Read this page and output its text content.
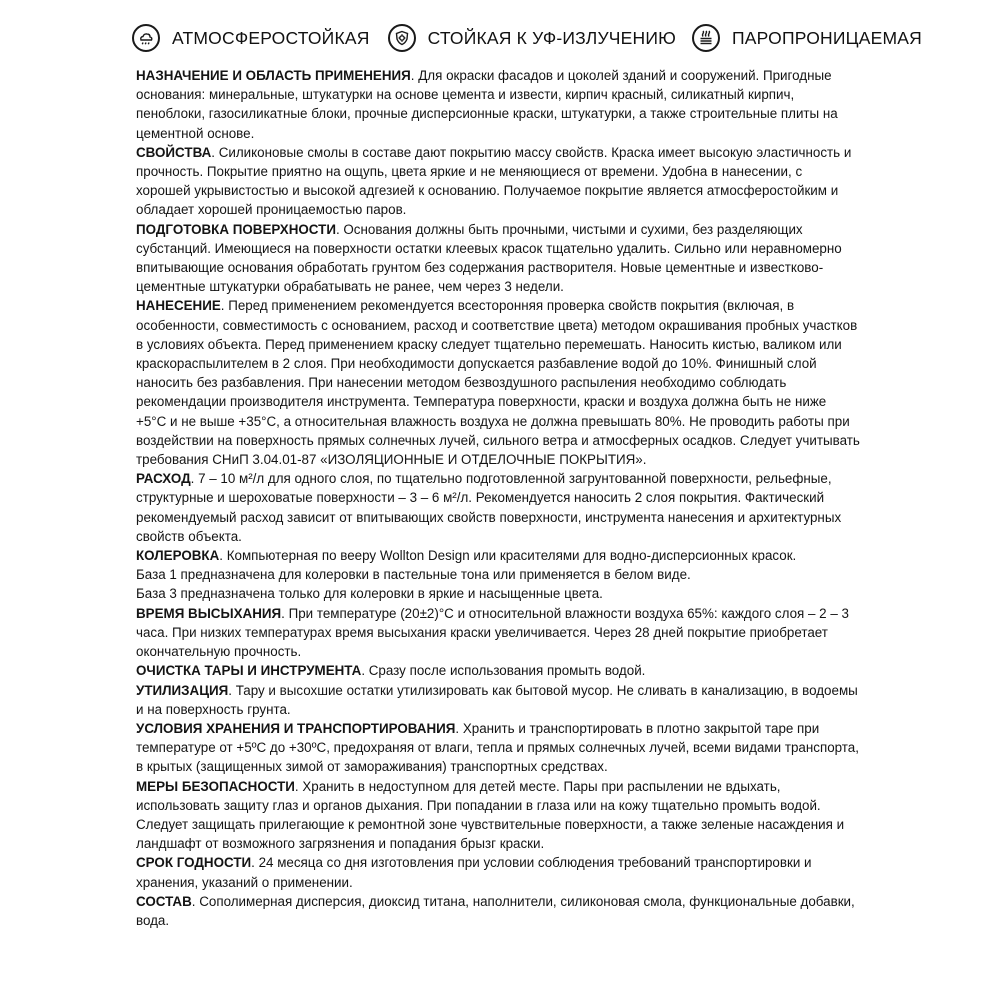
АТМОСФЕРОСТОЙКАЯ	СТОЙКАЯ К УФ-ИЗЛУЧЕНИЮ	ПАРОПРОНИЦАЕМАЯ

НАЗНАЧЕНИЕ И ОБЛАСТЬ ПРИМЕНЕНИЯ. Для окраски фасадов и цоколей зданий и сооружений. Пригодные основания: минеральные, штукатурки на основе цемента и извести, кирпич красный, силикатный кирпич, пеноблоки, газосиликатные блоки, прочные дисперсионные краски, штукатурки, а также строительные плиты на цементной основе.

СВОЙСТВА. Силиконовые смолы в составе дают покрытию массу свойств. Краска имеет высокую эластичность и прочность. Покрытие приятно на ощупь, цвета яркие и не меняющиеся от времени. Удобна в нанесении, с хорошей укрывистостью и высокой адгезией к основанию. Получаемое покрытие является атмосферостойким и обладает хорошей проницаемостью паров.

ПОДГОТОВКА ПОВЕРХНОСТИ. Основания должны быть прочными, чистыми и сухими, без разделяющих субстанций. Имеющиеся на поверхности остатки клеевых красок тщательно удалить. Сильно или неравномерно впитывающие основания обработать грунтом без содержания растворителя. Новые цементные и известково-цементные штукатурки обрабатывать не ранее, чем через 3 недели.

НАНЕСЕНИЕ. Перед применением рекомендуется всесторонняя проверка свойств покрытия (включая, в особенности, совместимость с основанием, расход и соответствие цвета) методом окрашивания пробных участков в условиях объекта. Перед применением краску следует тщательно перемешать. Наносить кистью, валиком или краскораспылителем в 2 слоя. При необходимости допускается разбавление водой до 10%. Финишный слой наносить без разбавления. При нанесении методом безвоздушного распыления необходимо соблюдать рекомендации производителя инструмента. Температура поверхности, краски и воздуха должна быть не ниже +5°С и не выше +35°С, а относительная влажность воздуха не должна превышать 80%. Не проводить работы при воздействии на поверхность прямых солнечных лучей, сильного ветра и атмосферных осадков. Следует учитывать требования СНиП 3.04.01-87 «ИЗОЛЯЦИОННЫЕ И ОТДЕЛОЧНЫЕ ПОКРЫТИЯ».

РАСХОД. 7 – 10 м²/л для одного слоя, по тщательно подготовленной загрунтованной поверхности, рельефные, структурные и шероховатые поверхности – 3 – 6 м²/л. Рекомендуется наносить 2 слоя покрытия. Фактический рекомендуемый расход зависит от впитывающих свойств поверхности, инструмента нанесения и архитектурных свойств объекта.

КОЛЕРОВКА. Компьютерная по вееру Wollton Design или красителями для водно-дисперсионных красок.

База 1 предназначена для колеровки в пастельные тона или применяется в белом виде.

База 3 предназначена только для колеровки в яркие и насыщенные цвета.

ВРЕМЯ ВЫСЫХАНИЯ. При температуре (20±2)°С и относительной влажности воздуха 65%: каждого слоя – 2 – 3 часа. При низких температурах время высыхания краски увеличивается. Через 28 дней покрытие приобретает окончательную прочность.

ОЧИСТКА ТАРЫ И ИНСТРУМЕНТА. Сразу после использования промыть водой.

УТИЛИЗАЦИЯ. Тару и высохшие остатки утилизировать как бытовой мусор. Не сливать в канализацию, в водоемы и на поверхность грунта.

УСЛОВИЯ ХРАНЕНИЯ И ТРАНСПОРТИРОВАНИЯ. Хранить и транспортировать в плотно закрытой таре при температуре от +5ºС до +30ºС, предохраняя от влаги, тепла и прямых солнечных лучей, всеми видами транспорта, в крытых (защищенных зимой от замораживания) транспортных средствах.

МЕРЫ БЕЗОПАСНОСТИ. Хранить в недоступном для детей месте. Пары при распылении не вдыхать, использовать защиту глаз и органов дыхания. При попадании в глаза или на кожу тщательно промыть водой. Следует защищать прилегающие к ремонтной зоне чувствительные поверхности, а также зеленые насаждения и ландшафт от возможного загрязнения и попадания брызг краски.

СРОК ГОДНОСТИ. 24 месяца со дня изготовления при условии соблюдения требований транспортировки и хранения, указаний о применении.

СОСТАВ. Сополимерная дисперсия, диоксид титана, наполнители, силиконовая смола, функциональные добавки, вода.
